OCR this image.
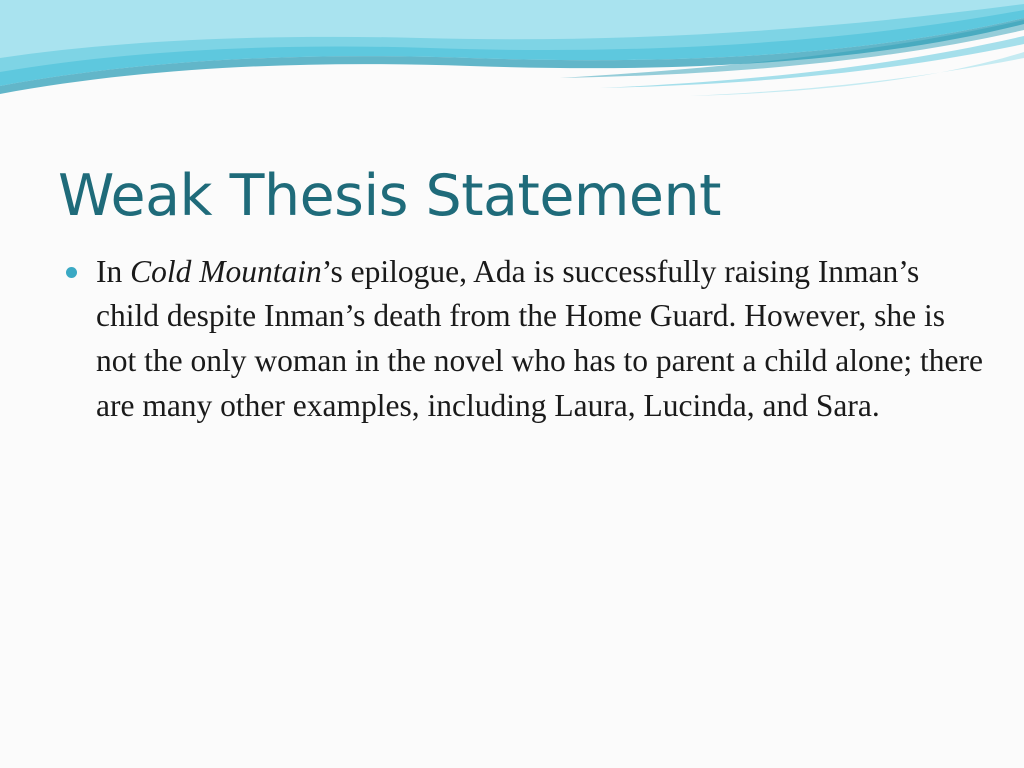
Weak Thesis Statement

In Cold Mountain’s epilogue, Ada is successfully raising Inman’s child despite Inman’s death from the Home Guard. However, she is not the only woman in the novel who has to parent a child alone; there are many other examples, including Laura, Lucinda, and Sara.
